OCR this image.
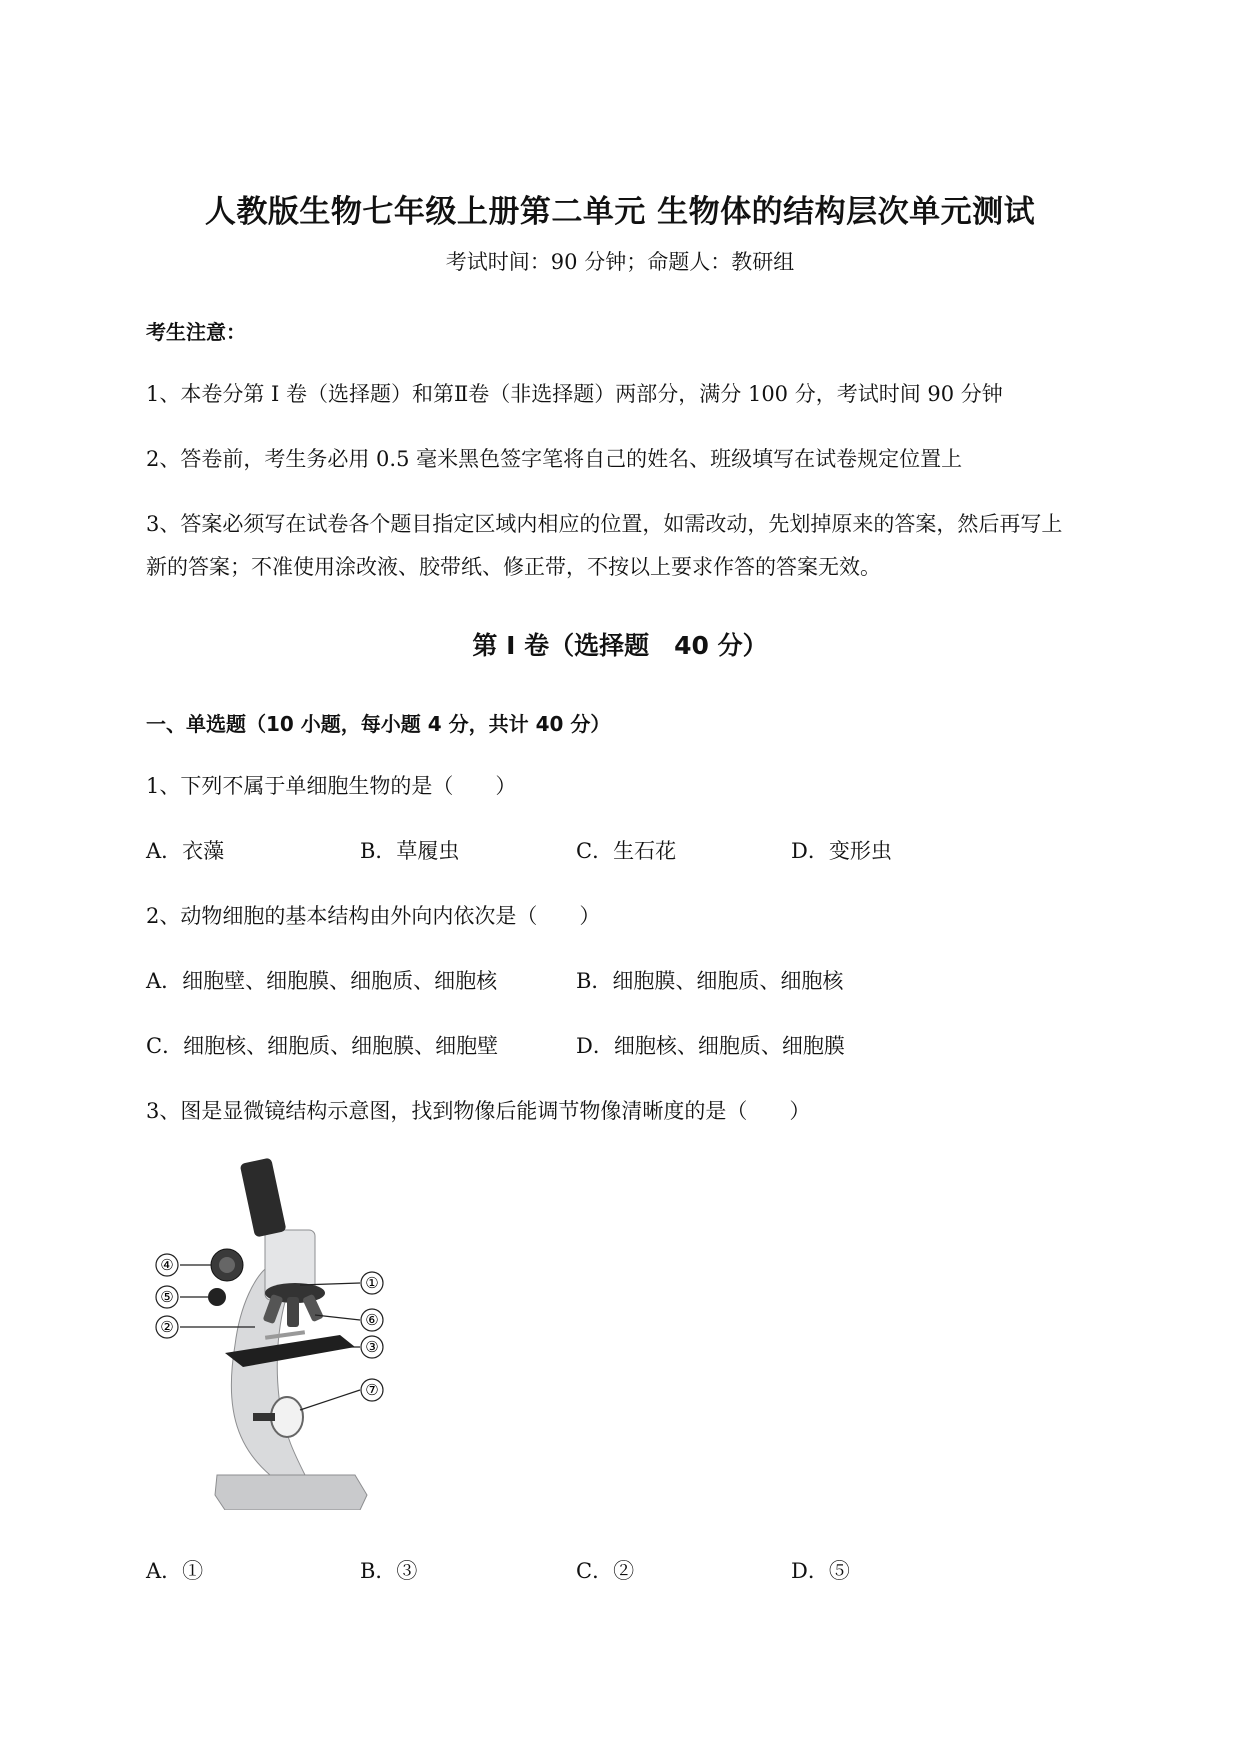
人教版生物七年级上册第二单元 生物体的结构层次单元测试
考试时间：90 分钟；命题人：教研组
考生注意：
1、本卷分第 I 卷（选择题）和第Ⅱ卷（非选择题）两部分，满分 100 分，考试时间 90 分钟
2、答卷前，考生务必用 0.5 毫米黑色签字笔将自己的姓名、班级填写在试卷规定位置上
3、答案必须写在试卷各个题目指定区域内相应的位置，如需改动，先划掉原来的答案，然后再写上
新的答案；不准使用涂改液、胶带纸、修正带，不按以上要求作答的答案无效。
第 I 卷（选择题　40 分）
一、单选题（10 小题，每小题 4 分，共计 40 分）
1、下列不属于单细胞生物的是（　　）
A．衣藻	B．草履虫	C．生石花	D．变形虫
2、动物细胞的基本结构由外向内依次是（　　）
A．细胞壁、细胞膜、细胞质、细胞核	B．细胞膜、细胞质、细胞核
C．细胞核、细胞质、细胞膜、细胞壁	D．细胞核、细胞质、细胞膜
3、图是显微镜结构示意图，找到物像后能调节物像清晰度的是（　　）
④
⑤
②
①
⑥
③
⑦
A．①	B．③	C．②	D．⑤
